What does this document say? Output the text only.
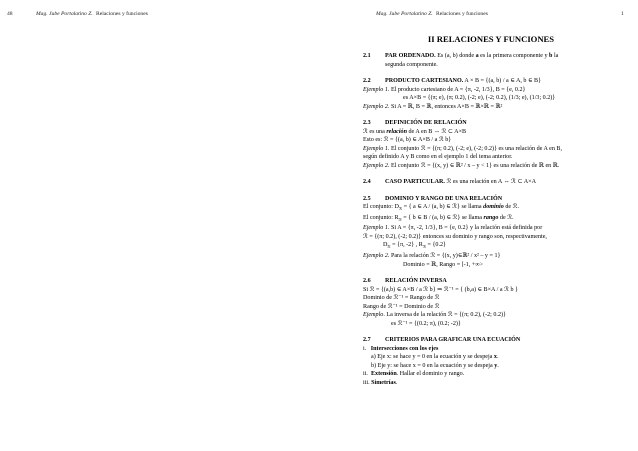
48	Mag. Jube Portalatino Z. Relaciones y funciones	Mag. Jube Portalatino Z. Relaciones y funciones	1
II RELACIONES Y FUNCIONES

2.1 PAR ORDENADO. Es (a, b) donde a es la primera componente y b la

segunda componente.

2.2 PRODUCTO CARTESIANO. A × B = {(a, b) / a ∈ A, b ∈ B}

Ejemplo 1. El producto cartesiano de A = {π, -2, 1/3}, B = {e, 0.2}

es A×B = {(π; e), (π; 0.2), (-2; e), (-2; 0.2), (1/3; e), (1/3; 0.2)}

Ejemplo 2. Si A = ℝ, B = ℝ, entonces A×B = ℝ×ℝ = ℝ²

2.3 DEFINICIÓN DE RELACIÓN

ℛ es una relación de A en B ⇔ ℛ ⊂ A×B

Esto es: ℛ = {(a, b) ∈ A×B / a ℛ b}

Ejemplo 1. El conjunto ℛ = {(π; 0.2), (-2; e), (-2; 0.2)} es una relación de A en B,

según definido A y B como en el ejemplo 1 del tema anterior.

Ejemplo 2. El conjunto ℛ = {(x, y) ∈ ℝ² / x – y < 1} es una relación de ℝ en ℝ.

2.4 CASO PARTICULAR. ℛ es una relación en A ⇔ ℛ ⊂ A×A

2.5 DOMINIO Y RANGO DE UNA RELACIÓN

El conjunto: $D_ℛ$ = { a ∈ A / (a, b) ∈ ℛ} se llama dominio de ℛ.

El conjunto: $R_ℛ$ = { b ∈ B / (a, b) ∈ ℛ} se llama rango de ℛ.

Ejemplo 1. Si A = {π, -2, 1/3}, B = {e, 0.2} y la relación está definida por

ℛ = {(π; 0.2), (-2; 0.2)} entonces su dominio y rango son, respectivamente,

$D_ℛ = \{\pi$, -2} , $R_ℛ = \{0.2\}$

Ejemplo 2. Para la relación ℛ = {(x, y)∈ℝ² / x² – y = 1}

Dominio = ℝ, Rango = [-1, +∞>

2.6 RELACIÓN INVERSA

Si ℛ = {(a,b) ∈ A×B / a ℛ b} ⇒ ℛ⁻¹ = { (b,a) ∈ B×A / a ℛ b }

Dominio de ℛ⁻¹ = Rango de ℛ

Rango de ℛ⁻¹ = Dominio de ℛ

Ejemplo. La inversa de la relación ℛ = {(π; 0.2), (-2; 0.2)}

es ℛ⁻¹ = {(0.2; π), (0.2; -2)}

2.7 CRITERIOS PARA GRAFICAR UNA ECUACIÓN

i. Intersecciones con los ejes

a) Eje x: se hace y = 0 en la ecuación y se despeja x.

b) Eje y: se hace x = 0 en la ecuación y se despeja y.

ii. Extensión. Hallar el dominio y rango.

iii. Simetrías.
